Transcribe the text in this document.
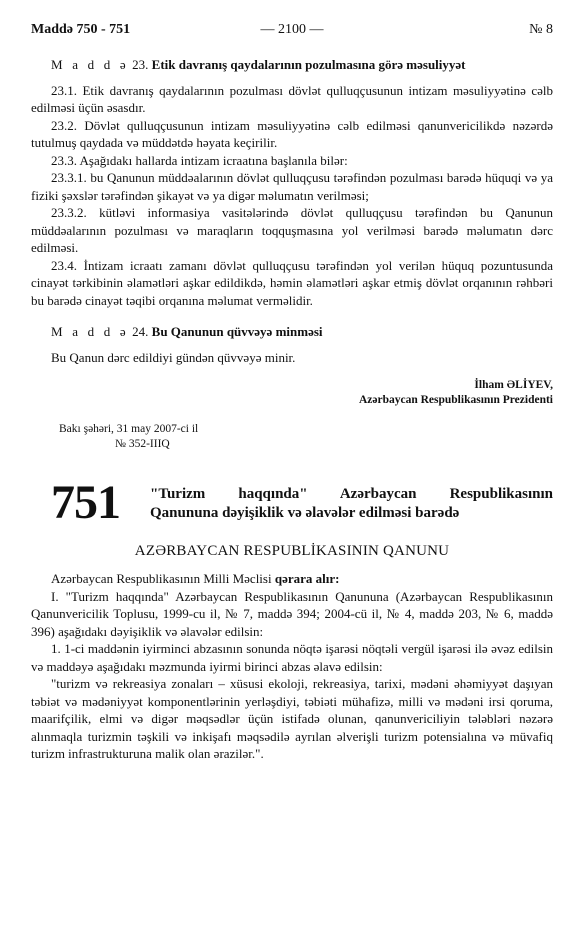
Maddə 750 - 751	— 2100 —	№ 8

M a d d ə 23. Etik davranış qaydalarının pozulmasına görə məsuliyyət

23.1. Etik davranış qaydalarının pozulması dövlət qulluqçusunun intizam məsuliyyətinə cəlb edilməsi üçün əsasdır.

23.2. Dövlət qulluqçusunun intizam məsuliyyətinə cəlb edilməsi qanunvericilikdə nəzərdə tutulmuş qaydada və müddətdə həyata keçirilir.

23.3. Aşağıdakı hallarda intizam icraatına başlanıla bilər:

23.3.1. bu Qanunun müddəalarının dövlət qulluqçusu tərəfindən pozulması barədə hüquqi və ya fiziki şəxslər tərəfindən şikayət və ya digər məlumatın verilməsi;

23.3.2. kütləvi informasiya vasitələrində dövlət qulluqçusu tərəfindən bu Qanunun müddəalarının pozulması və maraqların toqquşmasına yol verilməsi barədə məlumatın dərc edilməsi.

23.4. İntizam icraatı zamanı dövlət qulluqçusu tərəfindən yol verilən hüquq pozuntusunda cinayət tərkibinin əlamətləri aşkar edildikdə, həmin əlamətləri aşkar etmiş dövlət orqanının rəhbəri bu barədə cinayət təqibi orqanına məlumat verməlidir.

M a d d ə 24. Bu Qanunun qüvvəyə minməsi

Bu Qanun dərc edildiyi gündən qüvvəyə minir.

İlham ƏLİYEV,
Azərbaycan Respublikasının Prezidenti
Bakı şəhəri, 31 may 2007-ci il
№ 352-IIIQ
751 "Turizm haqqında" Azərbaycan Respublikasının
Qanununa dəyişiklik və əlavələr edilməsi barədə
AZƏRBAYCAN RESPUBLİKASININ QANUNU

Azərbaycan Respublikasının Milli Məclisi qərara alır:

I. "Turizm haqqında" Azərbaycan Respublikasının Qanununa (Azərbaycan Respublikasının Qanunvericilik Toplusu, 1999-cu il, № 7, maddə 394; 2004-cü il, № 4, maddə 203, № 6, maddə 396) aşağıdakı dəyişiklik və əlavələr edilsin:

1. 1-ci maddənin iyirminci abzasının sonunda nöqtə işarəsi nöqtəli vergül işarəsi ilə əvəz edilsin və maddəyə aşağıdakı məzmunda iyirmi birinci abzas əlavə edilsin:

"turizm və rekreasiya zonaları – xüsusi ekoloji, rekreasiya, tarixi, mədəni əhəmiyyət daşıyan təbiət və mədəniyyət komponentlərinin yerləşdiyi, təbiəti mühafizə, milli və mədəni irsi qoruma, maarifçilik, elmi və digər məqsədlər üçün istifadə olunan, qanunvericiliyin tələbləri nəzərə alınmaqla turizmin təşkili və inkişafı məqsədilə ayrılan əlverişli turizm potensialına və müvafiq turizm infrastrukturuna malik olan ərazilər.".
